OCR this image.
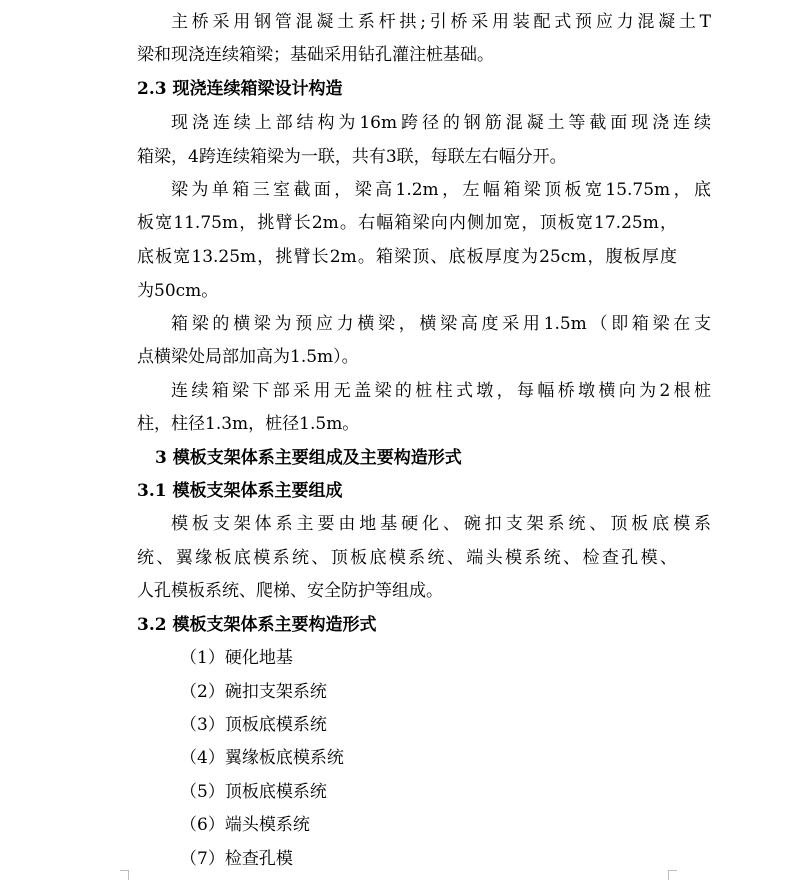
主桥采用钢管混凝土系杆拱;引桥采用装配式预应力混凝土T
梁和现浇连续箱梁；基础采用钻孔灌注桩基础。
2.3 现浇连续箱梁设计构造
现浇连续上部结构为16m跨径的钢筋混凝土等截面现浇连续
箱梁，4跨连续箱梁为一联，共有3联，每联左右幅分开。
梁为单箱三室截面，梁高1.2m，左幅箱梁顶板宽15.75m，底
板宽11.75m，挑臂长2m。右幅箱梁向内侧加宽，顶板宽17.25m，
底板宽13.25m，挑臂长2m。箱梁顶、底板厚度为25cm，腹板厚度
为50cm。
箱梁的横梁为预应力横梁，横梁高度采用1.5m（即箱梁在支
点横梁处局部加高为1.5m）。
连续箱梁下部采用无盖梁的桩柱式墩，每幅桥墩横向为2根桩
柱，柱径1.3m，桩径1.5m。
3 模板支架体系主要组成及主要构造形式
3.1 模板支架体系主要组成
模板支架体系主要由地基硬化、碗扣支架系统、顶板底模系
统、翼缘板底模系统、顶板底模系统、端头模系统、检查孔模、
人孔模板系统、爬梯、安全防护等组成。
3.2 模板支架体系主要构造形式
（1）硬化地基
（2）碗扣支架系统
（3）顶板底模系统
（4）翼缘板底模系统
（5）顶板底模系统
（6）端头模系统
（7）检查孔模
